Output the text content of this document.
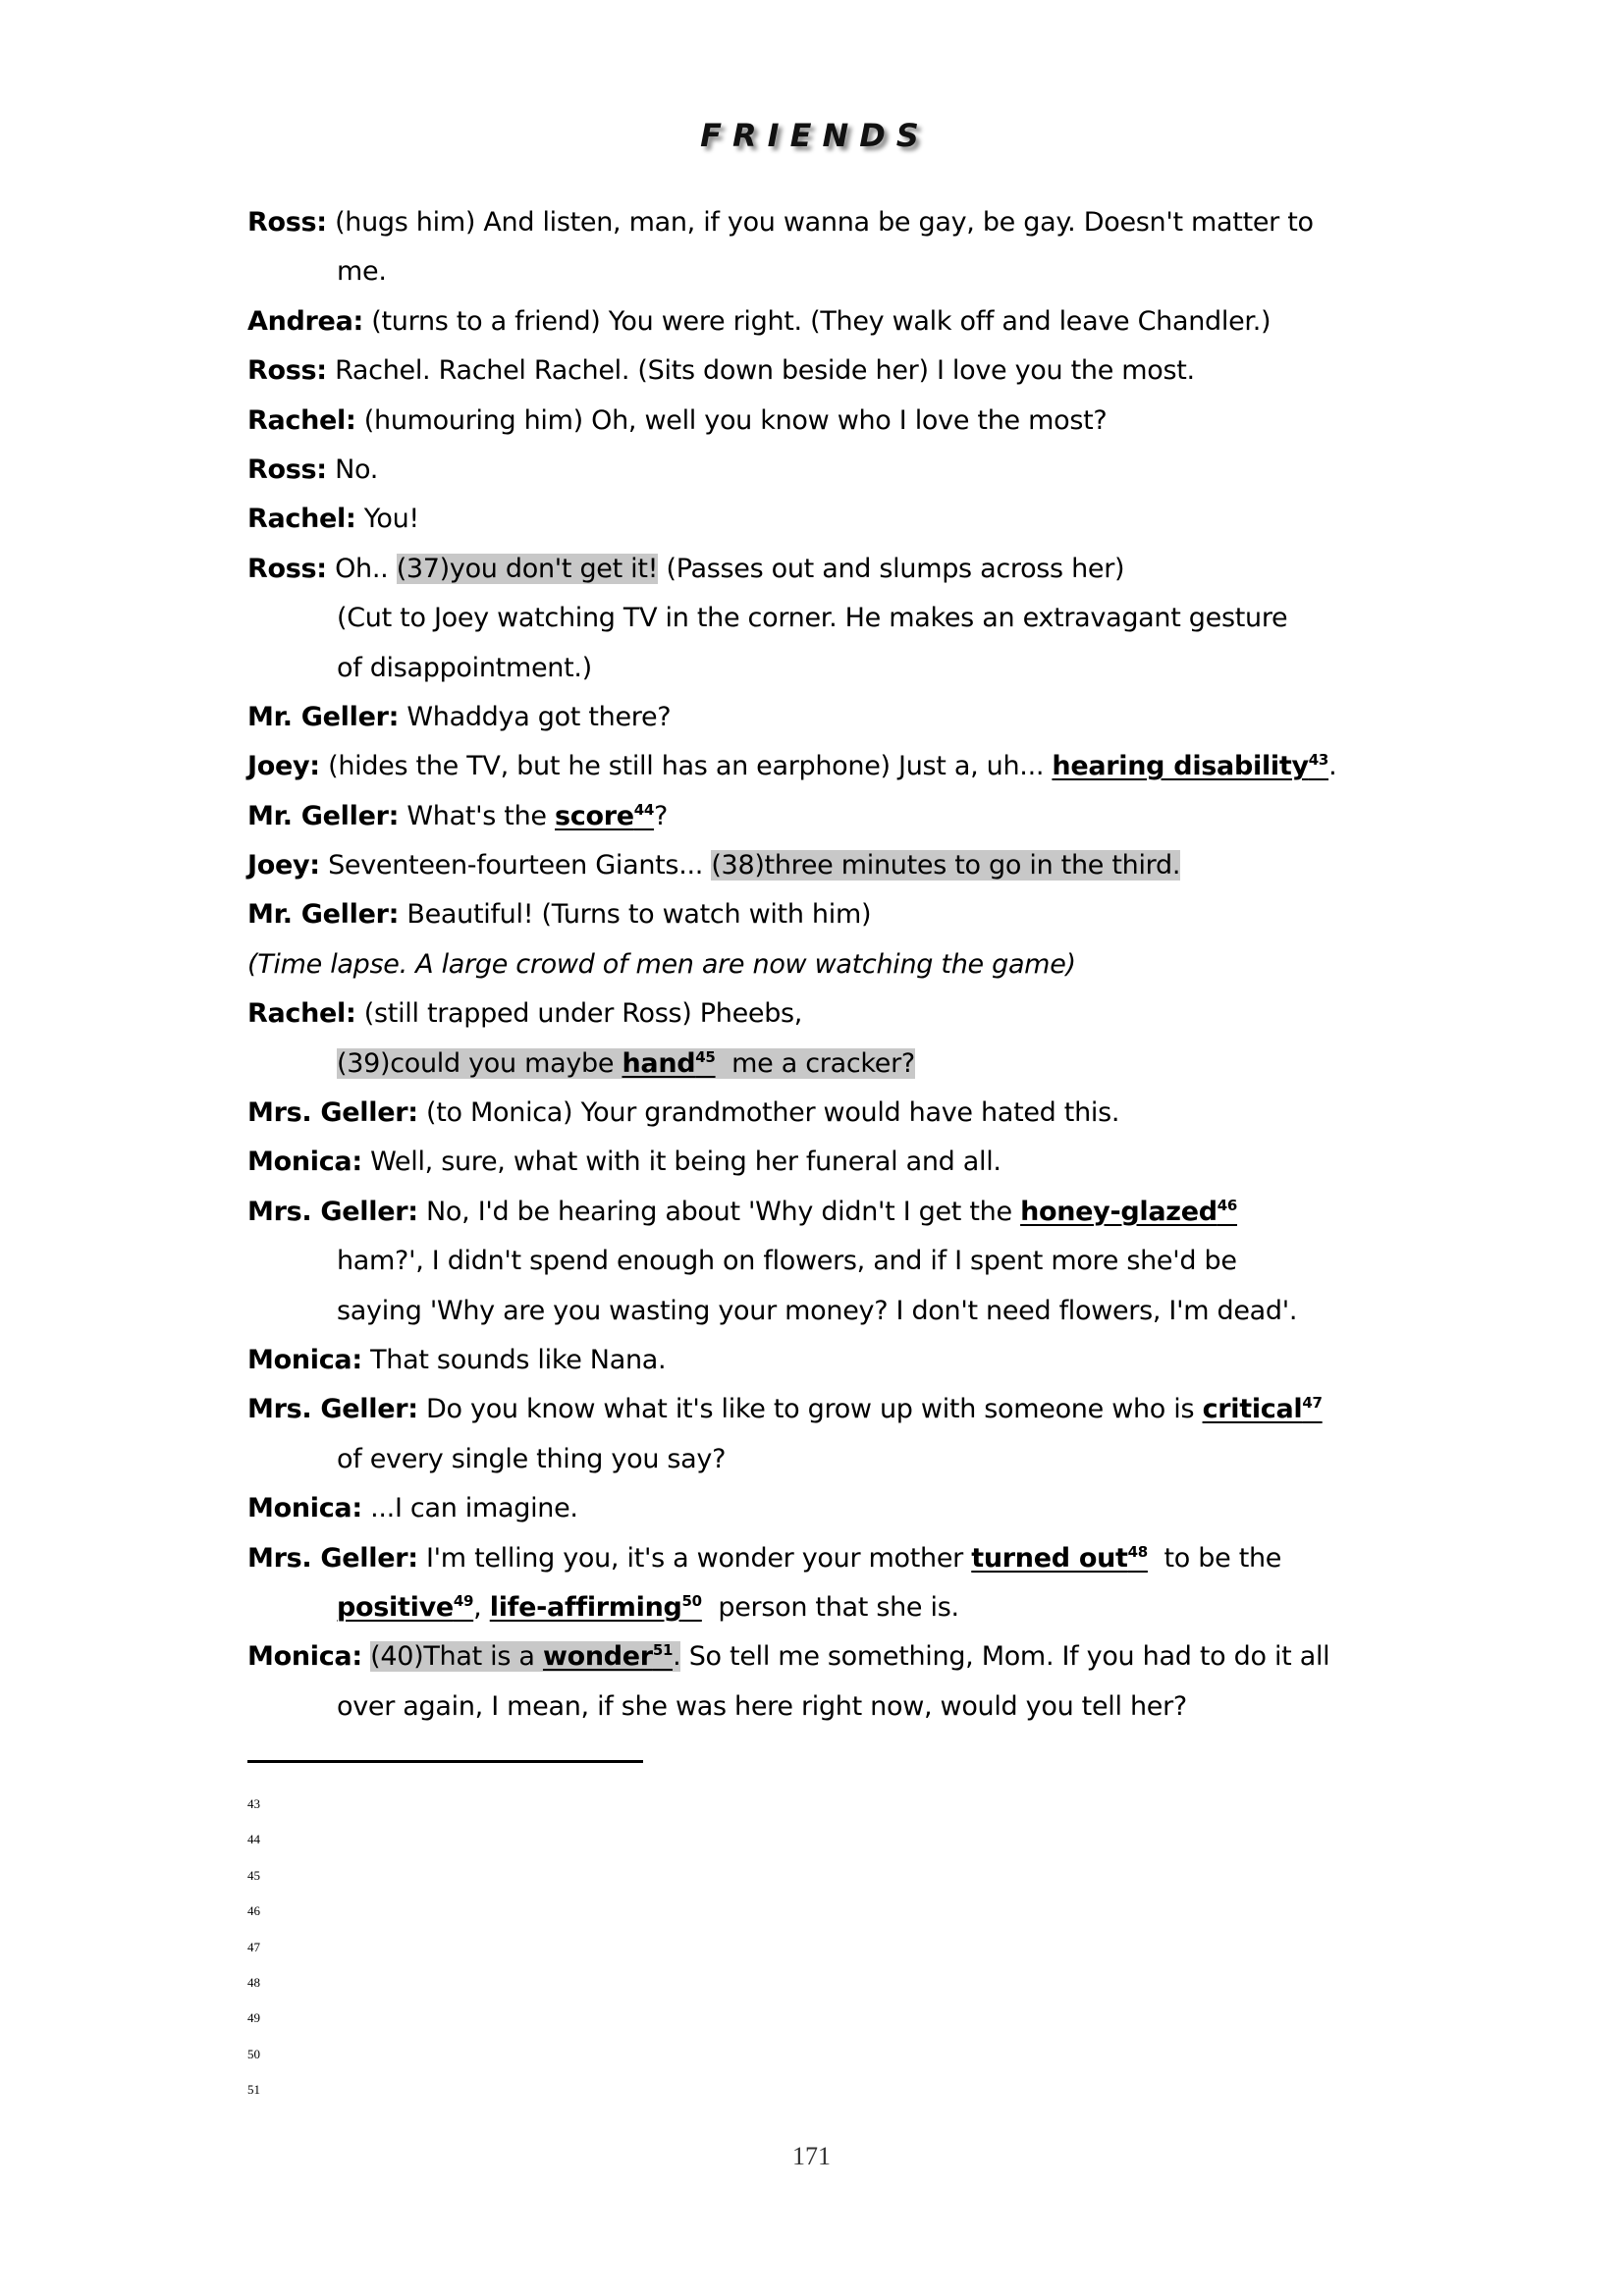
FRIENDS
Ross: (hugs him) And listen, man, if you wanna be gay, be gay. Doesn't matter to
me.
Andrea: (turns to a friend) You were right. (They walk off and leave Chandler.)
Ross: Rachel. Rachel Rachel. (Sits down beside her) I love you the most.
Rachel: (humouring him) Oh, well you know who I love the most?
Ross: No.
Rachel: You!
Ross: Oh.. (37)you don't get it! (Passes out and slumps across her)
(Cut to Joey watching TV in the corner. He makes an extravagant gesture
of disappointment.)
Mr. Geller: Whaddya got there?
Joey: (hides the TV, but he still has an earphone) Just a, uh... hearing disability$^{43}$.
Mr. Geller: What's the score$^{44}$?
Joey: Seventeen-fourteen Giants... (38)three minutes to go in the third.
Mr. Geller: Beautiful! (Turns to watch with him)
(Time lapse. A large crowd of men are now watching the game)
Rachel: (still trapped under Ross) Pheebs,
(39)could you maybe hand$^{45}$  me a cracker?
Mrs. Geller: (to Monica) Your grandmother would have hated this.
Monica: Well, sure, what with it being her funeral and all.
Mrs. Geller: No, I'd be hearing about 'Why didn't I get the honey-glazed$^{46}$
ham?', I didn't spend enough on flowers, and if I spent more she'd be
saying 'Why are you wasting your money? I don't need flowers, I'm dead'.
Monica: That sounds like Nana.
Mrs. Geller: Do you know what it's like to grow up with someone who is critical$^{47}$
of every single thing you say?
Monica: ...I can imagine.
Mrs. Geller: I'm telling you, it's a wonder your mother turned out$^{48}$  to be the
positive$^{49}$, life-affirming$^{50}$  person that she is.
Monica: (40)That is a wonder$^{51}$. So tell me something, Mom. If you had to do it all
over again, I mean, if she was here right now, would you tell her?
43
44
45
46
47
48
49
50
51
171
